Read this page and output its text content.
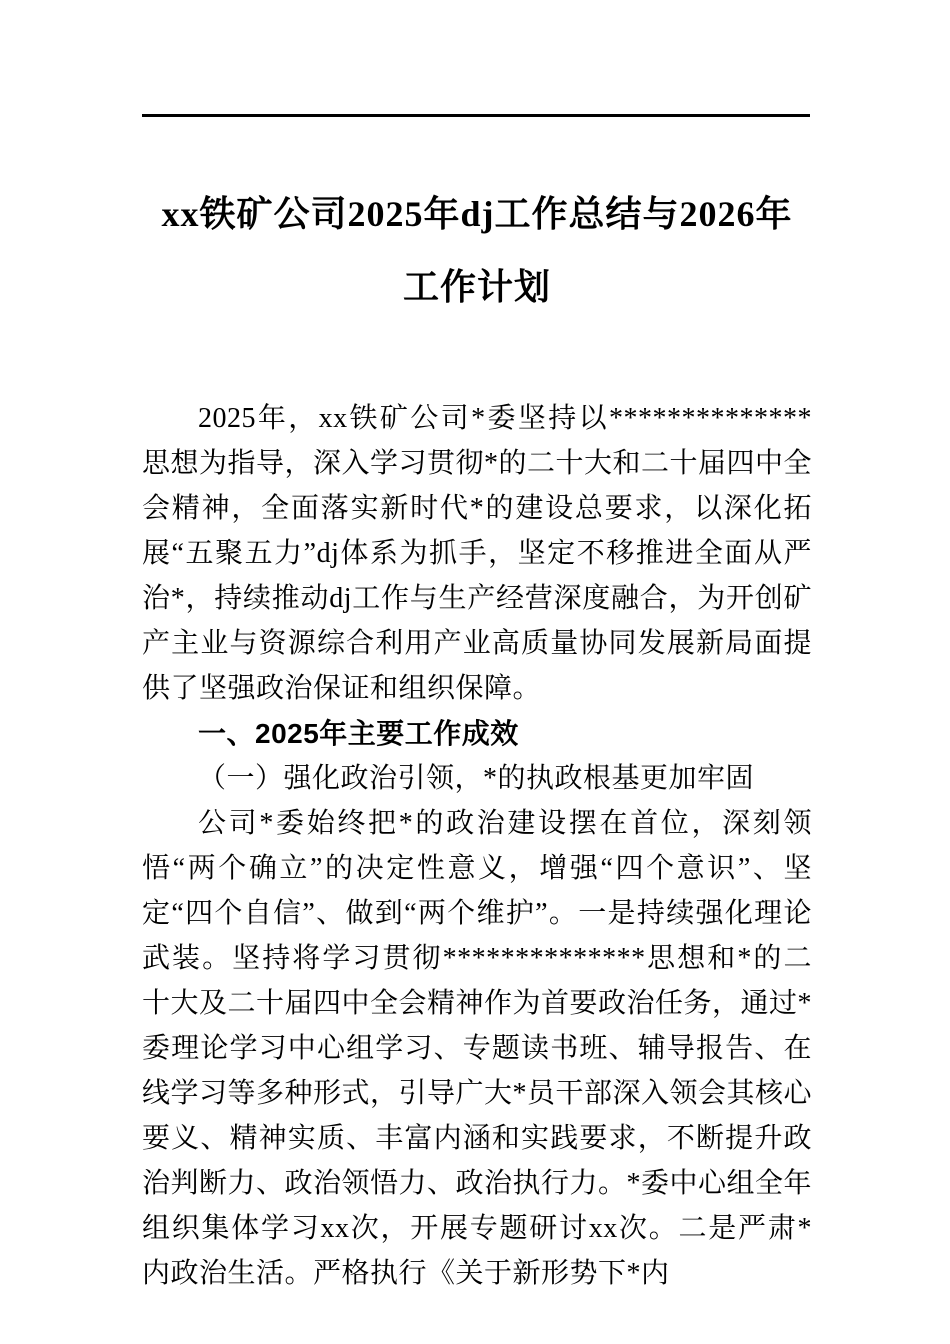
xx铁矿公司2025年dj工作总结与2026年
工作计划

2025年，xx铁矿公司*委坚持以**************思想为指导，深入学习贯彻*的二十大和二十届四中全会精神，全面落实新时代*的建设总要求，以深化拓展“五聚五力”dj体系为抓手，坚定不移推进全面从严治*，持续推动dj工作与生产经营深度融合，为开创矿产主业与资源综合利用产业高质量协同发展新局面提供了坚强政治保证和组织保障。

一、2025年主要工作成效

（一）强化政治引领，*的执政根基更加牢固

公司*委始终把*的政治建设摆在首位，深刻领悟“两个确立”的决定性意义，增强“四个意识”、坚定“四个自信”、做到“两个维护”。一是持续强化理论武装。坚持将学习贯彻**************思想和*的二十大及二十届四中全会精神作为首要政治任务，通过*委理论学习中心组学习、专题读书班、辅导报告、在线学习等多种形式，引导广大*员干部深入领会其核心要义、精神实质、丰富内涵和实践要求，不断提升政治判断力、政治领悟力、政治执行力。*委中心组全年组织集体学习xx次，开展专题研讨xx次。二是严肃*内政治生活。严格执行《关于新形势下*内
